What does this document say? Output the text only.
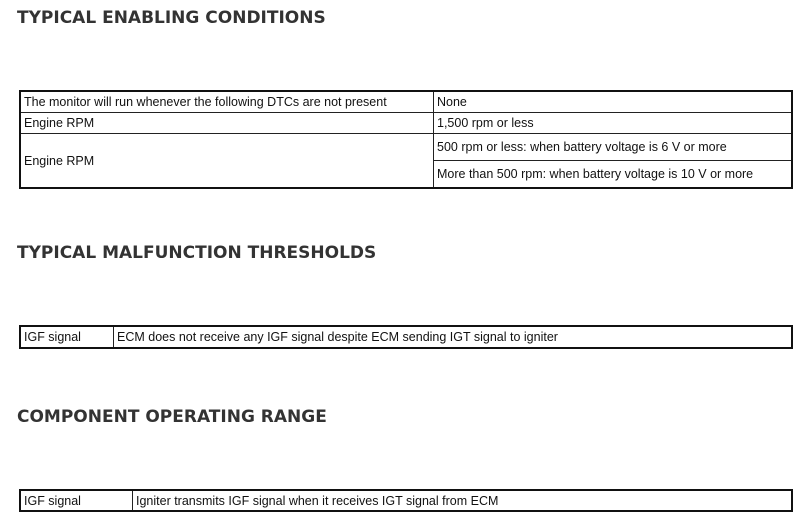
TYPICAL ENABLING CONDITIONS
The monitor will run whenever the following DTCs are not present	None
Engine RPM	1,500 rpm or less
Engine RPM	500 rpm or less: when battery voltage is 6 V or more
	More than 500 rpm: when battery voltage is 10 V or more
TYPICAL MALFUNCTION THRESHOLDS
IGF signal	ECM does not receive any IGF signal despite ECM sending IGT signal to igniter
COMPONENT OPERATING RANGE
IGF signal	Igniter transmits IGF signal when it receives IGT signal from ECM
